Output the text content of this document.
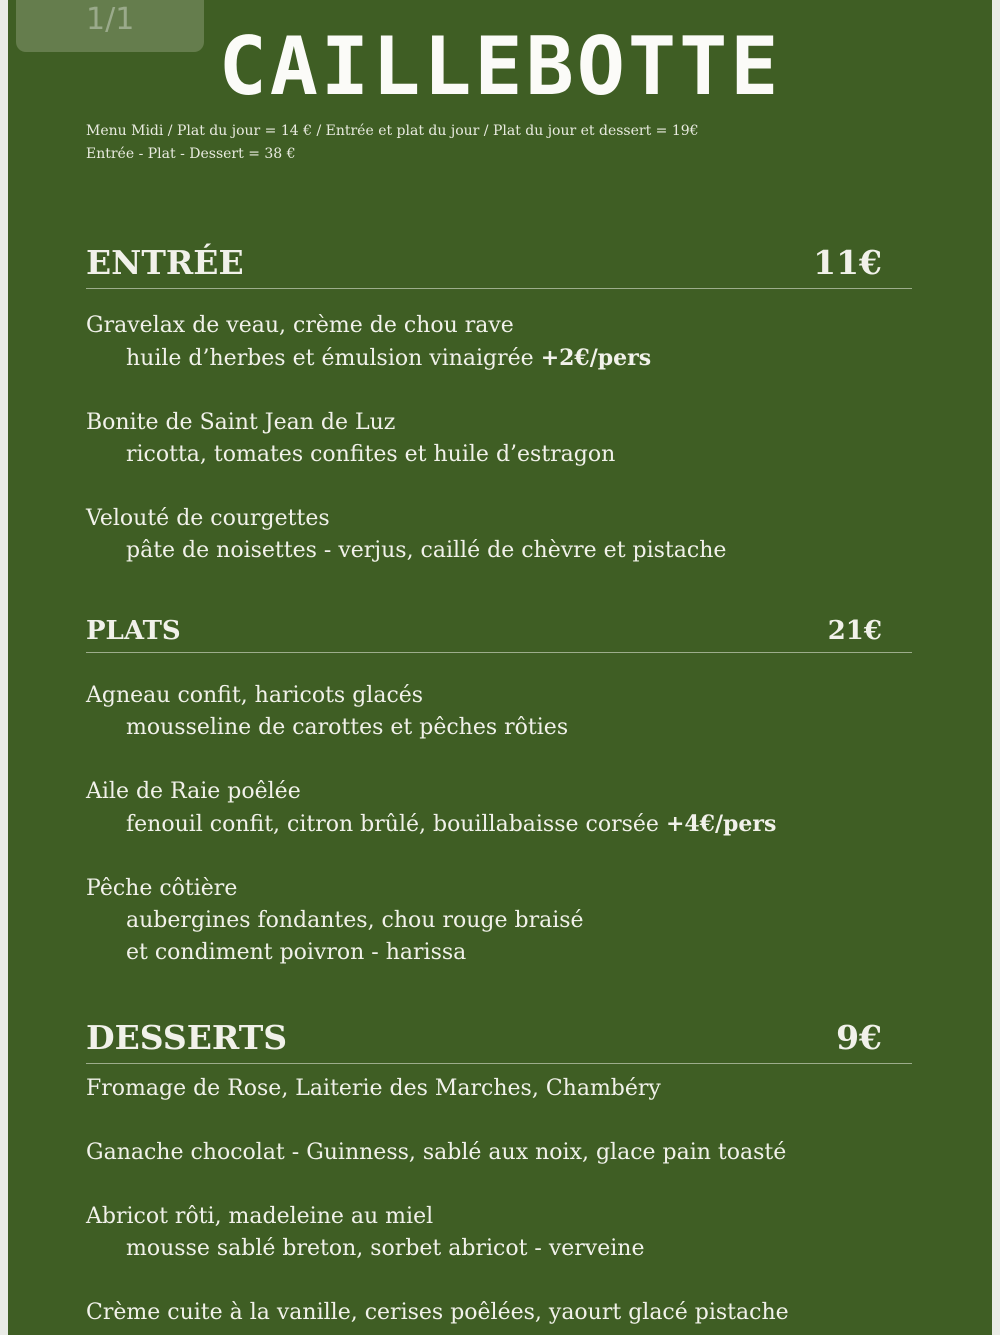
1/1
CAILLEBOTTE
Menu Midi / Plat du jour = 14 € / Entrée et plat du jour / Plat du jour et dessert = 19€
Entrée - Plat - Dessert = 38 €
ENTRÉE	11€
Gravelax de veau, crème de chou rave
huile d’herbes et émulsion vinaigrée +2€/pers
Bonite de Saint Jean de Luz
ricotta, tomates confites et huile d’estragon
Velouté de courgettes
pâte de noisettes - verjus, caillé de chèvre et pistache
PLATS	21€
Agneau confit, haricots glacés
mousseline de carottes et pêches rôties
Aile de Raie poêlée
fenouil confit, citron brûlé, bouillabaisse corsée +4€/pers
Pêche côtière
aubergines fondantes, chou rouge braisé
et condiment poivron - harissa
DESSERTS	9€
Fromage de Rose, Laiterie des Marches, Chambéry
Ganache chocolat - Guinness, sablé aux noix, glace pain toasté
Abricot rôti, madeleine au miel
mousse sablé breton, sorbet abricot - verveine
Crème cuite à la vanille, cerises poêlées, yaourt glacé pistache
